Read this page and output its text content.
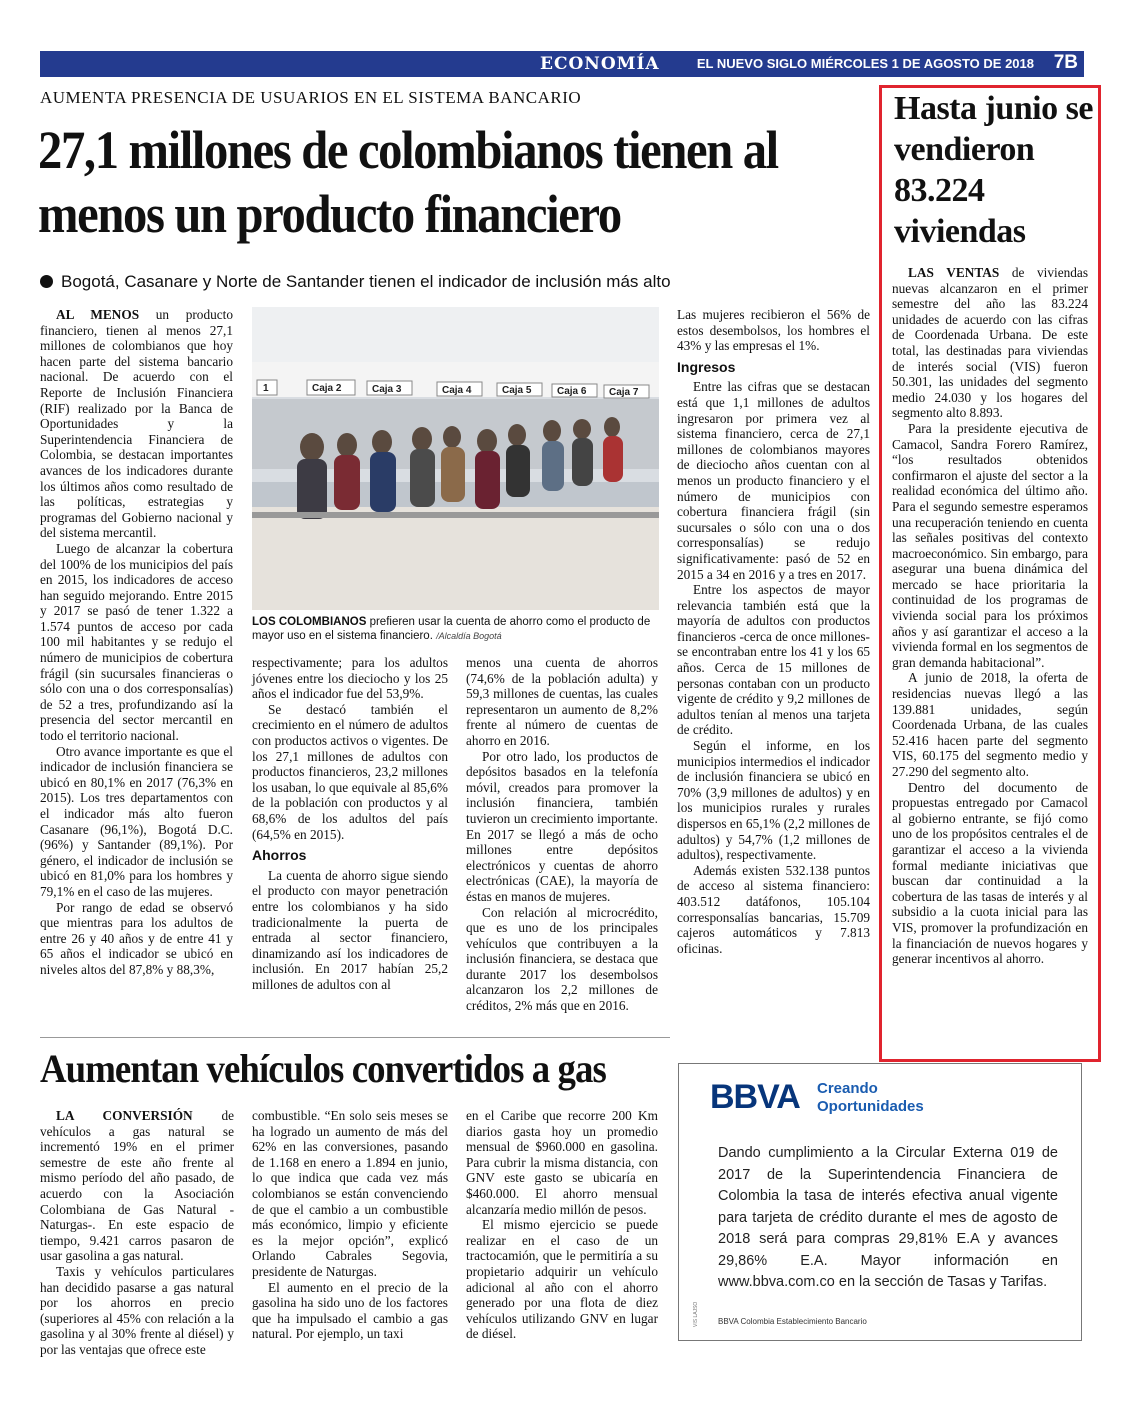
ECONOMÍA	EL NUEVO SIGLO MIÉRCOLES 1 DE AGOSTO DE 2018 7B
AUMENTA PRESENCIA DE USUARIOS EN EL SISTEMA BANCARIO
27,1 millones de colombianos tienen al menos un producto financiero
Bogotá, Casanare y Norte de Santander tienen el indicador de inclusión más alto

AL MENOS un producto financiero, tienen al menos 27,1 millones de colombianos que hoy hacen parte del sistema bancario nacional. De acuerdo con el Reporte de Inclusión Financiera (RIF) realizado por la Banca de Oportunidades y la Superintendencia Financiera de Colombia, se destacan importantes avances de los indicadores durante los últimos años como resultado de las políticas, estrategias y programas del Gobierno nacional y del sistema mercantil.

Luego de alcanzar la cobertura del 100% de los municipios del país en 2015, los indicadores de acceso han seguido mejorando. Entre 2015 y 2017 se pasó de tener 1.322 a 1.574 puntos de acceso por cada 100 mil habitantes y se redujo el número de municipios de cobertura frágil (sin sucursales financieras o sólo con una o dos corresponsalías) de 52 a tres, profundizando así la presencia del sector mercantil en todo el territorio nacional.

Otro avance importante es que el indicador de inclusión financiera se ubicó en 80,1% en 2017 (76,3% en 2015). Los tres departamentos con el indicador más alto fueron Casanare (96,1%), Bogotá D.C. (96%) y Santander (89,1%). Por género, el indicador de inclusión se ubicó en 81,0% para los hombres y 79,1% en el caso de las mujeres.

Por rango de edad se observó que mientras para los adultos de entre 26 y 40 años y de entre 41 y 65 años el indicador se ubicó en niveles altos del 87,8% y 88,3%,

1	Caja 2	Caja 3	Caja 4	Caja 5	Caja 6 Caja 7
LOS COLOMBIANOS prefieren usar la cuenta de ahorro como el producto de mayor uso en el sistema financiero. /Alcaldía Bogotá

respectivamente; para los adultos jóvenes entre los dieciocho y los 25 años el indicador fue del 53,9%.

Se destacó también el crecimiento en el número de adultos con productos activos o vigentes. De los 27,1 millones de adultos con productos financieros, 23,2 millones los usaban, lo que equivale al 85,6% de la población con productos y al 68,6% de los adultos del país (64,5% en 2015).

Ahorros

La cuenta de ahorro sigue siendo el producto con mayor penetración entre los colombianos y ha sido tradicionalmente la puerta de entrada al sector financiero, dinamizando así los indicadores de inclusión. En 2017 habían 25,2 millones de adultos con al

menos una cuenta de ahorros (74,6% de la población adulta) y 59,3 millones de cuentas, las cuales representaron un aumento de 8,2% frente al número de cuentas de ahorro en 2016.

Por otro lado, los productos de depósitos basados en la telefonía móvil, creados para promover la inclusión financiera, también tuvieron un crecimiento importante. En 2017 se llegó a más de ocho millones entre depósitos electrónicos y cuentas de ahorro electrónicas (CAE), la mayoría de éstas en manos de mujeres.

Con relación al microcrédito, que es uno de los principales vehículos que contribuyen a la inclusión financiera, se destaca que durante 2017 los desembolsos alcanzaron los 2,2 millones de créditos, 2% más que en 2016.

Las mujeres recibieron el 56% de estos desembolsos, los hombres el 43% y las empresas el 1%.

Ingresos

Entre las cifras que se destacan está que 1,1 millones de adultos ingresaron por primera vez al sistema financiero, cerca de 27,1 millones de colombianos mayores de dieciocho años cuentan con al menos un producto financiero y el número de municipios con cobertura financiera frágil (sin sucursales o sólo con una o dos corresponsalías) se redujo significativamente: pasó de 52 en 2015 a 34 en 2016 y a tres en 2017.

Entre los aspectos de mayor relevancia también está que la mayoría de adultos con productos financieros -cerca de once millones- se encontraban entre los 41 y los 65 años. Cerca de 15 millones de personas contaban con un producto vigente de crédito y 9,2 millones de adultos tenían al menos una tarjeta de crédito.

Según el informe, en los municipios intermedios el indicador de inclusión financiera se ubicó en 70% (3,9 millones de adultos) y en los municipios rurales y rurales dispersos en 65,1% (2,2 millones de adultos) y 54,7% (1,2 millones de adultos), respectivamente.

Además existen 532.138 puntos de acceso al sistema financiero: 403.512 datáfonos, 105.104 corresponsalías bancarias, 15.709 cajeros automáticos y 7.813 oficinas.

Hasta junio se vendieron 83.224 viviendas

LAS VENTAS de viviendas nuevas alcanzaron en el primer semestre del año las 83.224 unidades de acuerdo con las cifras de Coordenada Urbana. De este total, las destinadas para viviendas de interés social (VIS) fueron 50.301, las unidades del segmento medio 24.030 y los hogares del segmento alto 8.893.

Para la presidente ejecutiva de Camacol, Sandra Forero Ramírez, “los resultados obtenidos confirmaron el ajuste del sector a la realidad económica del último año. Para el segundo semestre esperamos una recuperación teniendo en cuenta las señales positivas del contexto macroeconómico. Sin embargo, para asegurar una buena dinámica del mercado se hace prioritaria la continuidad de los programas de vivienda social para los próximos años y así garantizar el acceso a la vivienda formal en los segmentos de gran demanda habitacional”.

A junio de 2018, la oferta de residencias nuevas llegó a las 139.881 unidades, según Coordenada Urbana, de las cuales 52.416 hacen parte del segmento VIS, 60.175 del segmento medio y 27.290 del segmento alto.

Dentro del documento de propuestas entregado por Camacol al gobierno entrante, se fijó como uno de los propósitos centrales el de garantizar el acceso a la vivienda formal mediante iniciativas que buscan dar continuidad a la cobertura de las tasas de interés y al subsidio a la cuota inicial para las VIS, promover la profundización en la financiación de nuevos hogares y generar incentivos al ahorro.

Aumentan vehículos convertidos a gas

LA CONVERSIÓN de vehículos a gas natural se incrementó 19% en el primer semestre de este año frente al mismo período del año pasado, de acuerdo con la Asociación Colombiana de Gas Natural -Naturgas-. En este espacio de tiempo, 9.421 carros pasaron de usar gasolina a gas natural.

Taxis y vehículos particulares han decidido pasarse a gas natural por los ahorros en precio (superiores al 45% con relación a la gasolina y al 30% frente al diésel) y por las ventajas que ofrece este

combustible. “En solo seis meses se ha logrado un aumento de más del 62% en las conversiones, pasando de 1.168 en enero a 1.894 en junio, lo que indica que cada vez más colombianos se están convenciendo de que el cambio a un combustible más económico, limpio y eficiente es la mejor opción”, explicó Orlando Cabrales Segovia, presidente de Naturgas.

El aumento en el precio de la gasolina ha sido uno de los factores que ha impulsado el cambio a gas natural. Por ejemplo, un taxi

en el Caribe que recorre 200 Km diarios gasta hoy un promedio mensual de $960.000 en gasolina. Para cubrir la misma distancia, con GNV este gasto se ubicaría en $460.000. El ahorro mensual alcanzaría medio millón de pesos.

El mismo ejercicio se puede realizar en el caso de un tractocamión, que le permitiría a su propietario adquirir un vehículo adicional al año con el ahorro generado por una flota de diez vehículos utilizando GNV en lugar de diésel.

BBVA Creando
Oportunidades
Dando cumplimiento a la Circular Externa 019 de 2017 de la Superintendencia Financiera de Colombia la tasa de interés efectiva anual vigente para tarjeta de crédito durante el mes de agosto de 2018 será para compras 29,81% E.A y avances 29,86% E.A. Mayor información en www.bbva.com.co en la sección de Tasas y Tarifas.
VIS LAJSO	BBVA Colombia Establecimiento Bancario
